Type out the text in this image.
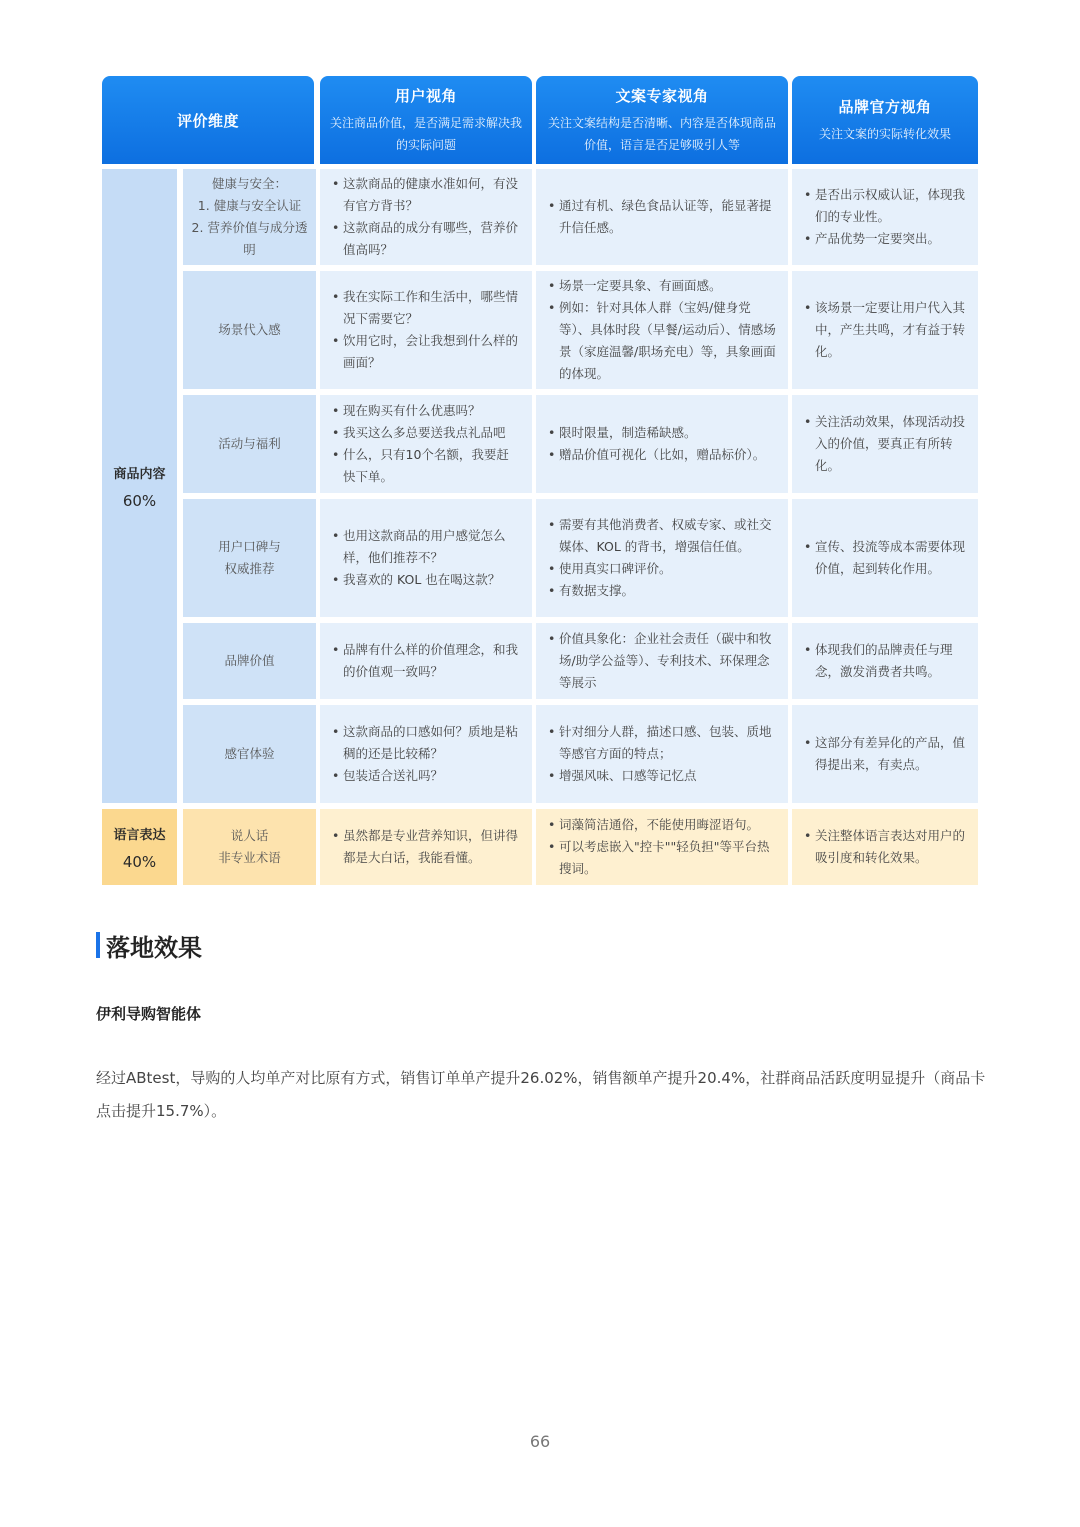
评价维度
用户视角
关注商品价值，是否满足需求解决我的实际问题
文案专家视角
关注文案结构是否清晰、内容是否体现商品价值，语言是否足够吸引人等
品牌官方视角
关注文案的实际转化效果
商品内容
60%
语言表达
40%
健康与安全：
1. 健康与安全认证
2. 营养价值与成分透明
• 这款商品的健康水准如何，有没有官方背书？
• 这款商品的成分有哪些，营养价值高吗？
• 通过有机、绿色食品认证等，能显著提升信任感。
• 是否出示权威认证，体现我们的专业性。
• 产品优势一定要突出。
场景代入感
• 我在实际工作和生活中，哪些情况下需要它？
• 饮用它时，会让我想到什么样的画面？
• 场景一定要具象、有画面感。
• 例如：针对具体人群（宝妈/健身党等）、具体时段（早餐/运动后）、情感场景（家庭温馨/职场充电）等，具象画面的体现。
• 该场景一定要让用户代入其中，产生共鸣，才有益于转化。
活动与福利
• 现在购买有什么优惠吗？
• 我买这么多总要送我点礼品吧
• 什么，只有10个名额，我要赶快下单。
• 限时限量，制造稀缺感。
• 赠品价值可视化（比如，赠品标价）。
• 关注活动效果，体现活动投入的价值，要真正有所转化。
用户口碑与
权威推荐
• 也用这款商品的用户感觉怎么样，他们推荐不？
• 我喜欢的 KOL 也在喝这款？
• 需要有其他消费者、权威专家、或社交媒体、KOL 的背书，增强信任值。
• 使用真实口碑评价。
• 有数据支撑。
• 宣传、投流等成本需要体现价值，起到转化作用。
品牌价值
• 品牌有什么样的价值理念，和我的价值观一致吗？
• 价值具象化：企业社会责任（碳中和牧场/助学公益等）、专利技术、环保理念等展示
• 体现我们的品牌责任与理念，激发消费者共鸣。
感官体验
• 这款商品的口感如何？质地是粘稠的还是比较稀？
• 包装适合送礼吗？
• 针对细分人群，描述口感、包装、质地等感官方面的特点；
• 增强风味、口感等记忆点
• 这部分有差异化的产品，值得提出来，有卖点。
说人话
非专业术语
• 虽然都是专业营养知识，但讲得都是大白话，我能看懂。
• 词藻简洁通俗，不能使用晦涩语句。
• 可以考虑嵌入"控卡""轻负担"等平台热搜词。
• 关注整体语言表达对用户的吸引度和转化效果。
落地效果
伊利导购智能体
经过ABtest，导购的人均单产对比原有方式，销售订单单产提升26.02%，销售额单产提升20.4%，社群商品活跃度明显提升（商品卡点击提升15.7%）。
66
